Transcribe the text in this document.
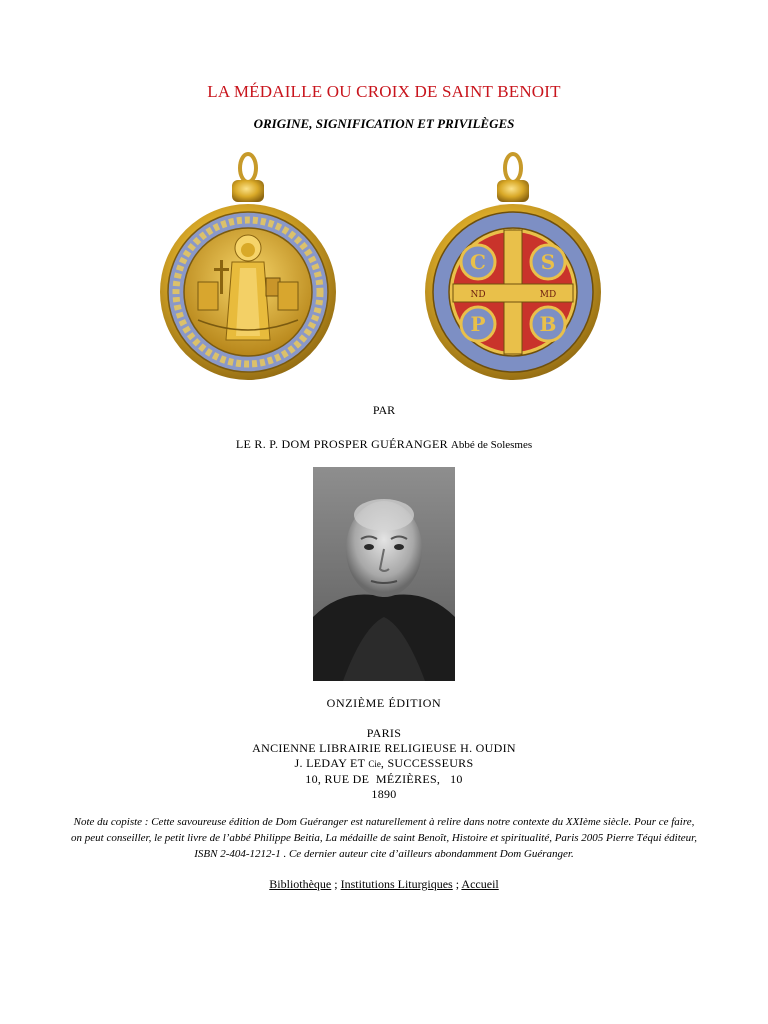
LA MÉDAILLE OU CROIX DE SAINT BENOIT
ORIGINE, SIGNIFICATION ET PRIVILÈGES
C	S
P	B
ND	MD
PAR
LE R. P. DOM PROSPER GUÉRANGER Abbé de Solesmes
ONZIÈME ÉDITION
PARIS
ANCIENNE LIBRAIRIE RELIGIEUSE H. OUDIN
J. LEDAY ET Cie, SUCCESSEURS
10, RUE DE  MÉZIÈRES,   10
1890
Note du copiste : Cette savoureuse édition de Dom Guéranger est naturellement à relire dans notre contexte du XXIème siècle. Pour ce faire, on peut conseiller, le petit livre de l’abbé Philippe Beitia, La médaille de saint Benoît, Histoire et spiritualité, Paris 2005 Pierre Téqui éditeur, ISBN 2-404-1212-1 . Ce dernier auteur cite d’ailleurs abondamment Dom Guéranger.
Bibliothèque ; Institutions Liturgiques ; Accueil
